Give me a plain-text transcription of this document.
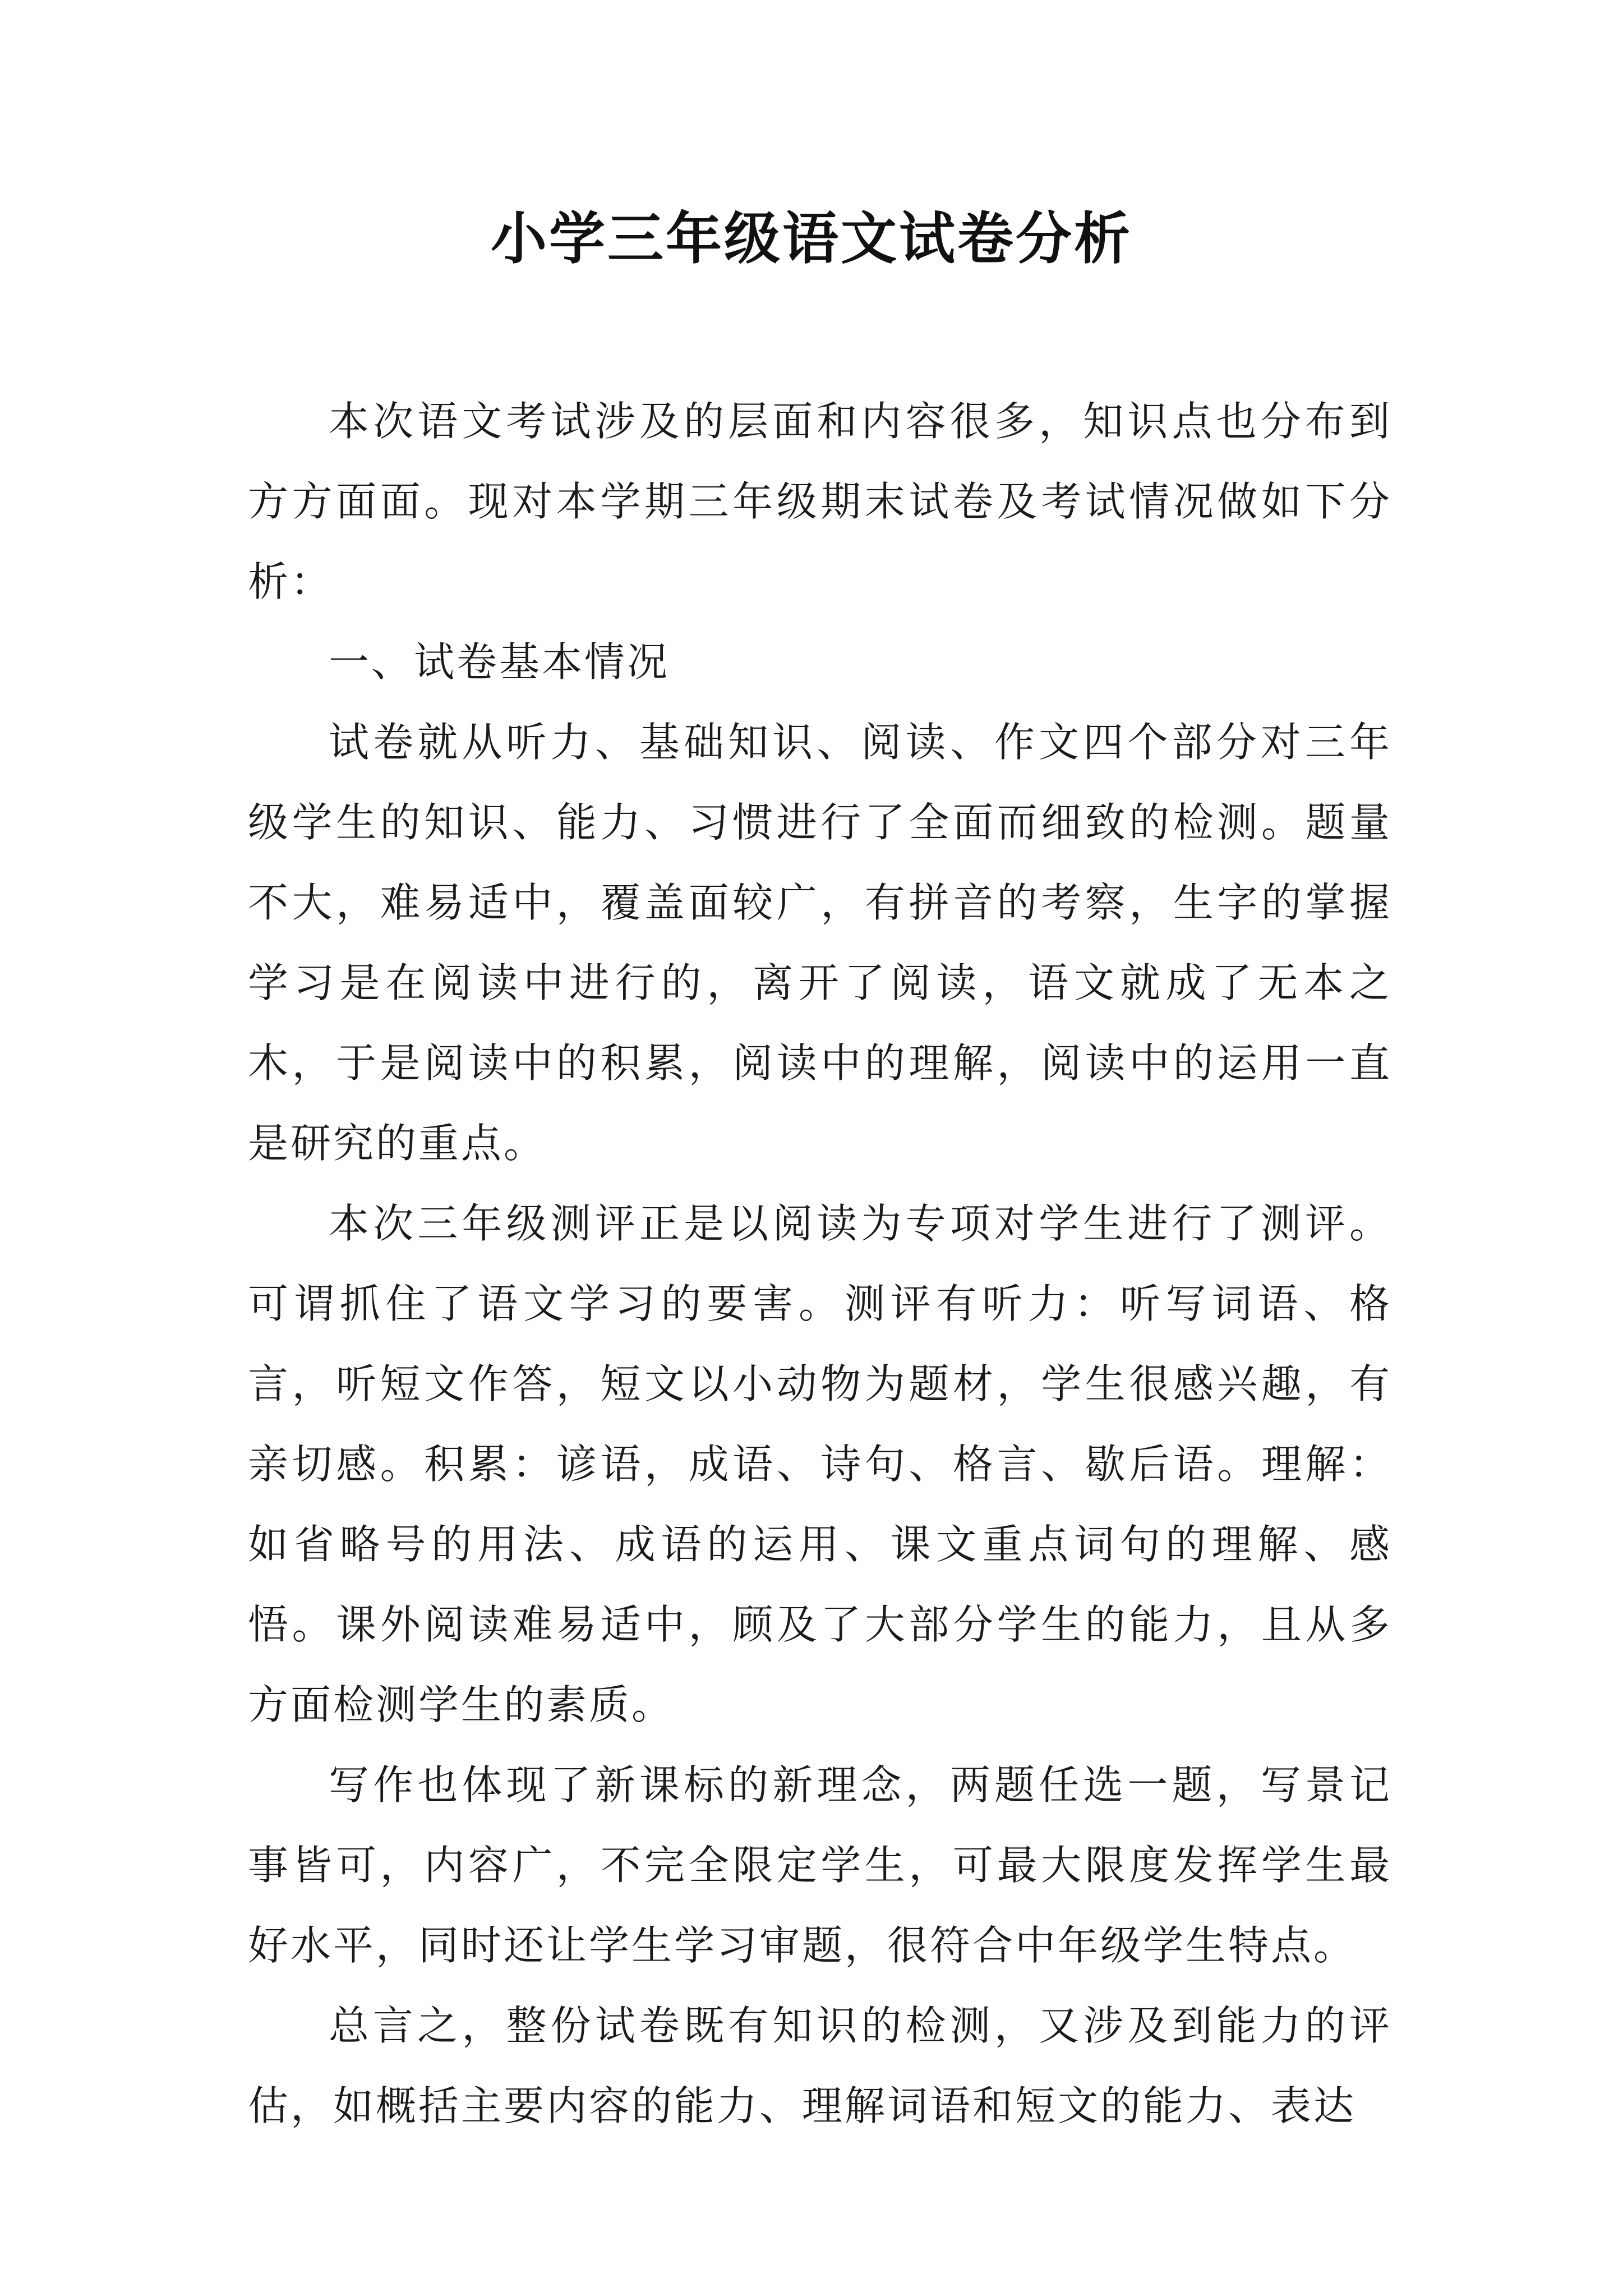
小学三年级语文试卷分析

本次语文考试涉及的层面和内容很多，知识点也分布到方方面面。现对本学期三年级期末试卷及考试情况做如下分析：

一、试卷基本情况

试卷就从听力、基础知识、阅读、作文四个部分对三年级学生的知识、能力、习惯进行了全面而细致的检测。题量不大，难易适中，覆盖面较广，有拼音的考察，生字的掌握学习是在阅读中进行的，离开了阅读，语文就成了无本之木，于是阅读中的积累，阅读中的理解，阅读中的运用一直是研究的重点。

本次三年级测评正是以阅读为专项对学生进行了测评。可谓抓住了语文学习的要害。测评有听力：听写词语、格言，听短文作答，短文以小动物为题材，学生很感兴趣，有亲切感。积累：谚语，成语、诗句、格言、歇后语。理解：如省略号的用法、成语的运用、课文重点词句的理解、感悟。课外阅读难易适中，顾及了大部分学生的能力，且从多方面检测学生的素质。

写作也体现了新课标的新理念，两题任选一题，写景记事皆可，内容广，不完全限定学生，可最大限度发挥学生最好水平，同时还让学生学习审题，很符合中年级学生特点。

总言之，整份试卷既有知识的检测，又涉及到能力的评估，如概括主要内容的能力、理解词语和短文的能力、表达
